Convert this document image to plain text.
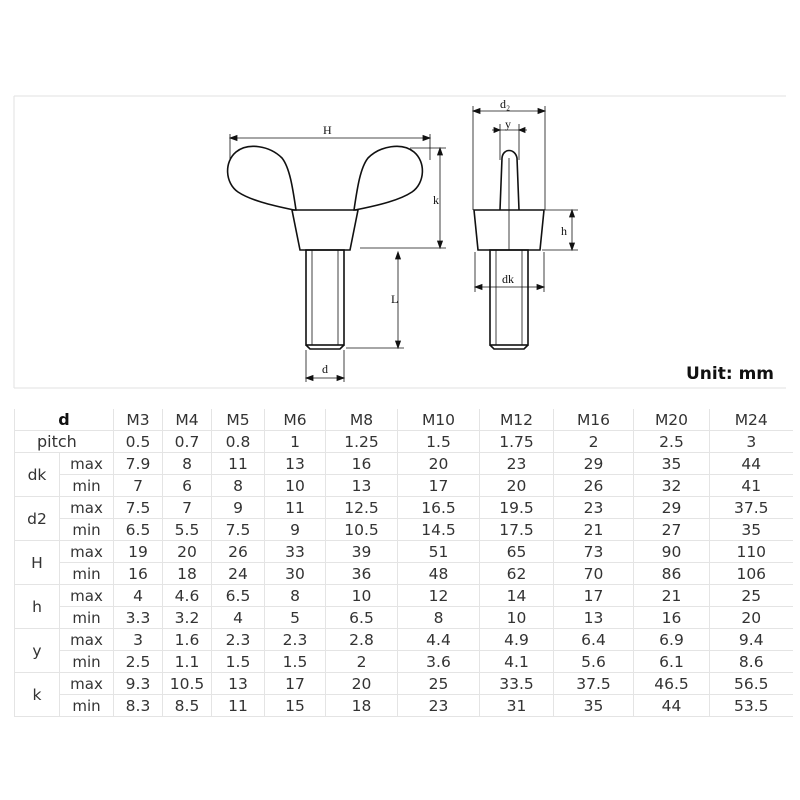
H
k
L
d
d₂
y
h
dk
Unit: mm
d		M3	M4	M5	M6	M8	M10	M12	M16	M20	M24
pitch		0.5	0.7	0.8	1	1.25	1.5	1.75	2	2.5	3
dk	max	7.9	8	11	13	16	20	23	29	35	44
	min	7	6	8	10	13	17	20	26	32	41
d2	max	7.5	7	9	11	12.5	16.5	19.5	23	29	37.5
	min	6.5	5.5	7.5	9	10.5	14.5	17.5	21	27	35
H	max	19	20	26	33	39	51	65	73	90	110
	min	16	18	24	30	36	48	62	70	86	106
h	max	4	4.6	6.5	8	10	12	14	17	21	25
	min	3.3	3.2	4	5	6.5	8	10	13	16	20
y	max	3	1.6	2.3	2.3	2.8	4.4	4.9	6.4	6.9	9.4
	min	2.5	1.1	1.5	1.5	2	3.6	4.1	5.6	6.1	8.6
k	max	9.3	10.5	13	17	20	25	33.5	37.5	46.5	56.5
	min	8.3	8.5	11	15	18	23	31	35	44	53.5
